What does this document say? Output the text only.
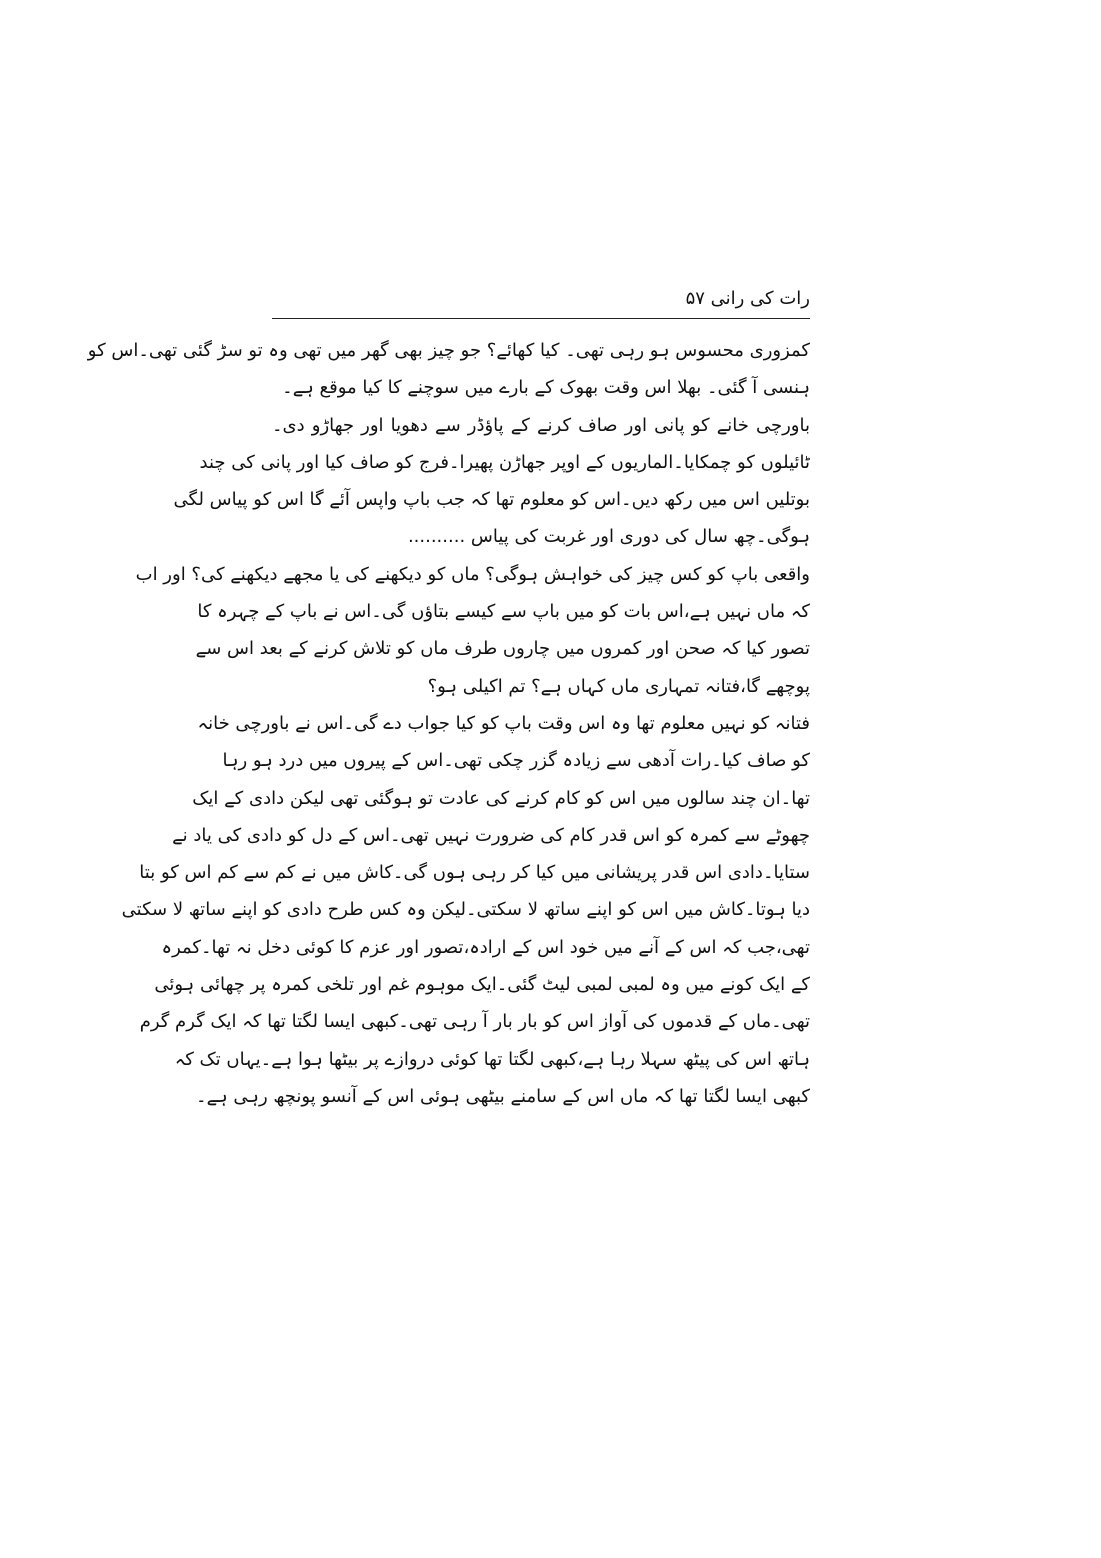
رات کی رانی ۵۷
کمزوری محسوس ہو رہی تھی۔ کیا کھائے؟ جو چیز بھی گھر میں تھی وہ تو سڑ گئی تھی۔اس کو
ہنسی آ گئی۔ بھلا اس وقت بھوک کے بارے میں سوچنے کا کیا موقع ہے۔
باورچی خانے کو پانی اور صاف کرنے کے پاؤڈر سے دھویا اور جھاڑو دی۔
ٹائیلوں کو چمکایا۔الماریوں کے اوپر جھاڑن پھیرا۔فرج کو صاف کیا اور پانی کی چند
بوتلیں اس میں رکھ دیں۔اس کو معلوم تھا کہ جب باپ واپس آئے گا اس کو پیاس لگی
ہوگی۔چھ سال کی دوری اور غربت کی پیاس ..........
واقعی باپ کو کس چیز کی خواہش ہوگی؟ ماں کو دیکھنے کی یا مجھے دیکھنے کی؟ اور اب
کہ ماں نہیں ہے،اس بات کو میں باپ سے کیسے بتاؤں گی۔اس نے باپ کے چہرہ کا
تصور کیا کہ صحن اور کمروں میں چاروں طرف ماں کو تلاش کرنے کے بعد اس سے
پوچھے گا،فتانہ تمہاری ماں کہاں ہے؟ تم اکیلی ہو؟
فتانہ کو نہیں معلوم تھا وہ اس وقت باپ کو کیا جواب دے گی۔اس نے باورچی خانہ
کو صاف کیا۔رات آدھی سے زیادہ گزر چکی تھی۔اس کے پیروں میں درد ہو رہا
تھا۔ان چند سالوں میں اس کو کام کرنے کی عادت تو ہوگئی تھی لیکن دادی کے ایک
چھوٹے سے کمرہ کو اس قدر کام کی ضرورت نہیں تھی۔اس کے دل کو دادی کی یاد نے
ستایا۔دادی اس قدر پریشانی میں کیا کر رہی ہوں گی۔کاش میں نے کم سے کم اس کو بتا
دیا ہوتا۔کاش میں اس کو اپنے ساتھ لا سکتی۔لیکن وہ کس طرح دادی کو اپنے ساتھ لا سکتی
تھی،جب کہ اس کے آنے میں خود اس کے ارادہ،تصور اور عزم کا کوئی دخل نہ تھا۔کمرہ
کے ایک کونے میں وہ لمبی لمبی لیٹ گئی۔ایک موہوم غم اور تلخی کمرہ پر چھائی ہوئی
تھی۔ماں کے قدموں کی آواز اس کو بار بار آ رہی تھی۔کبھی ایسا لگتا تھا کہ ایک گرم گرم
ہاتھ اس کی پیٹھ سہلا رہا ہے،کبھی لگتا تھا کوئی دروازے پر بیٹھا ہوا ہے۔یہاں تک کہ
کبھی ایسا لگتا تھا کہ ماں اس کے سامنے بیٹھی ہوئی اس کے آنسو پونچھ رہی ہے۔
